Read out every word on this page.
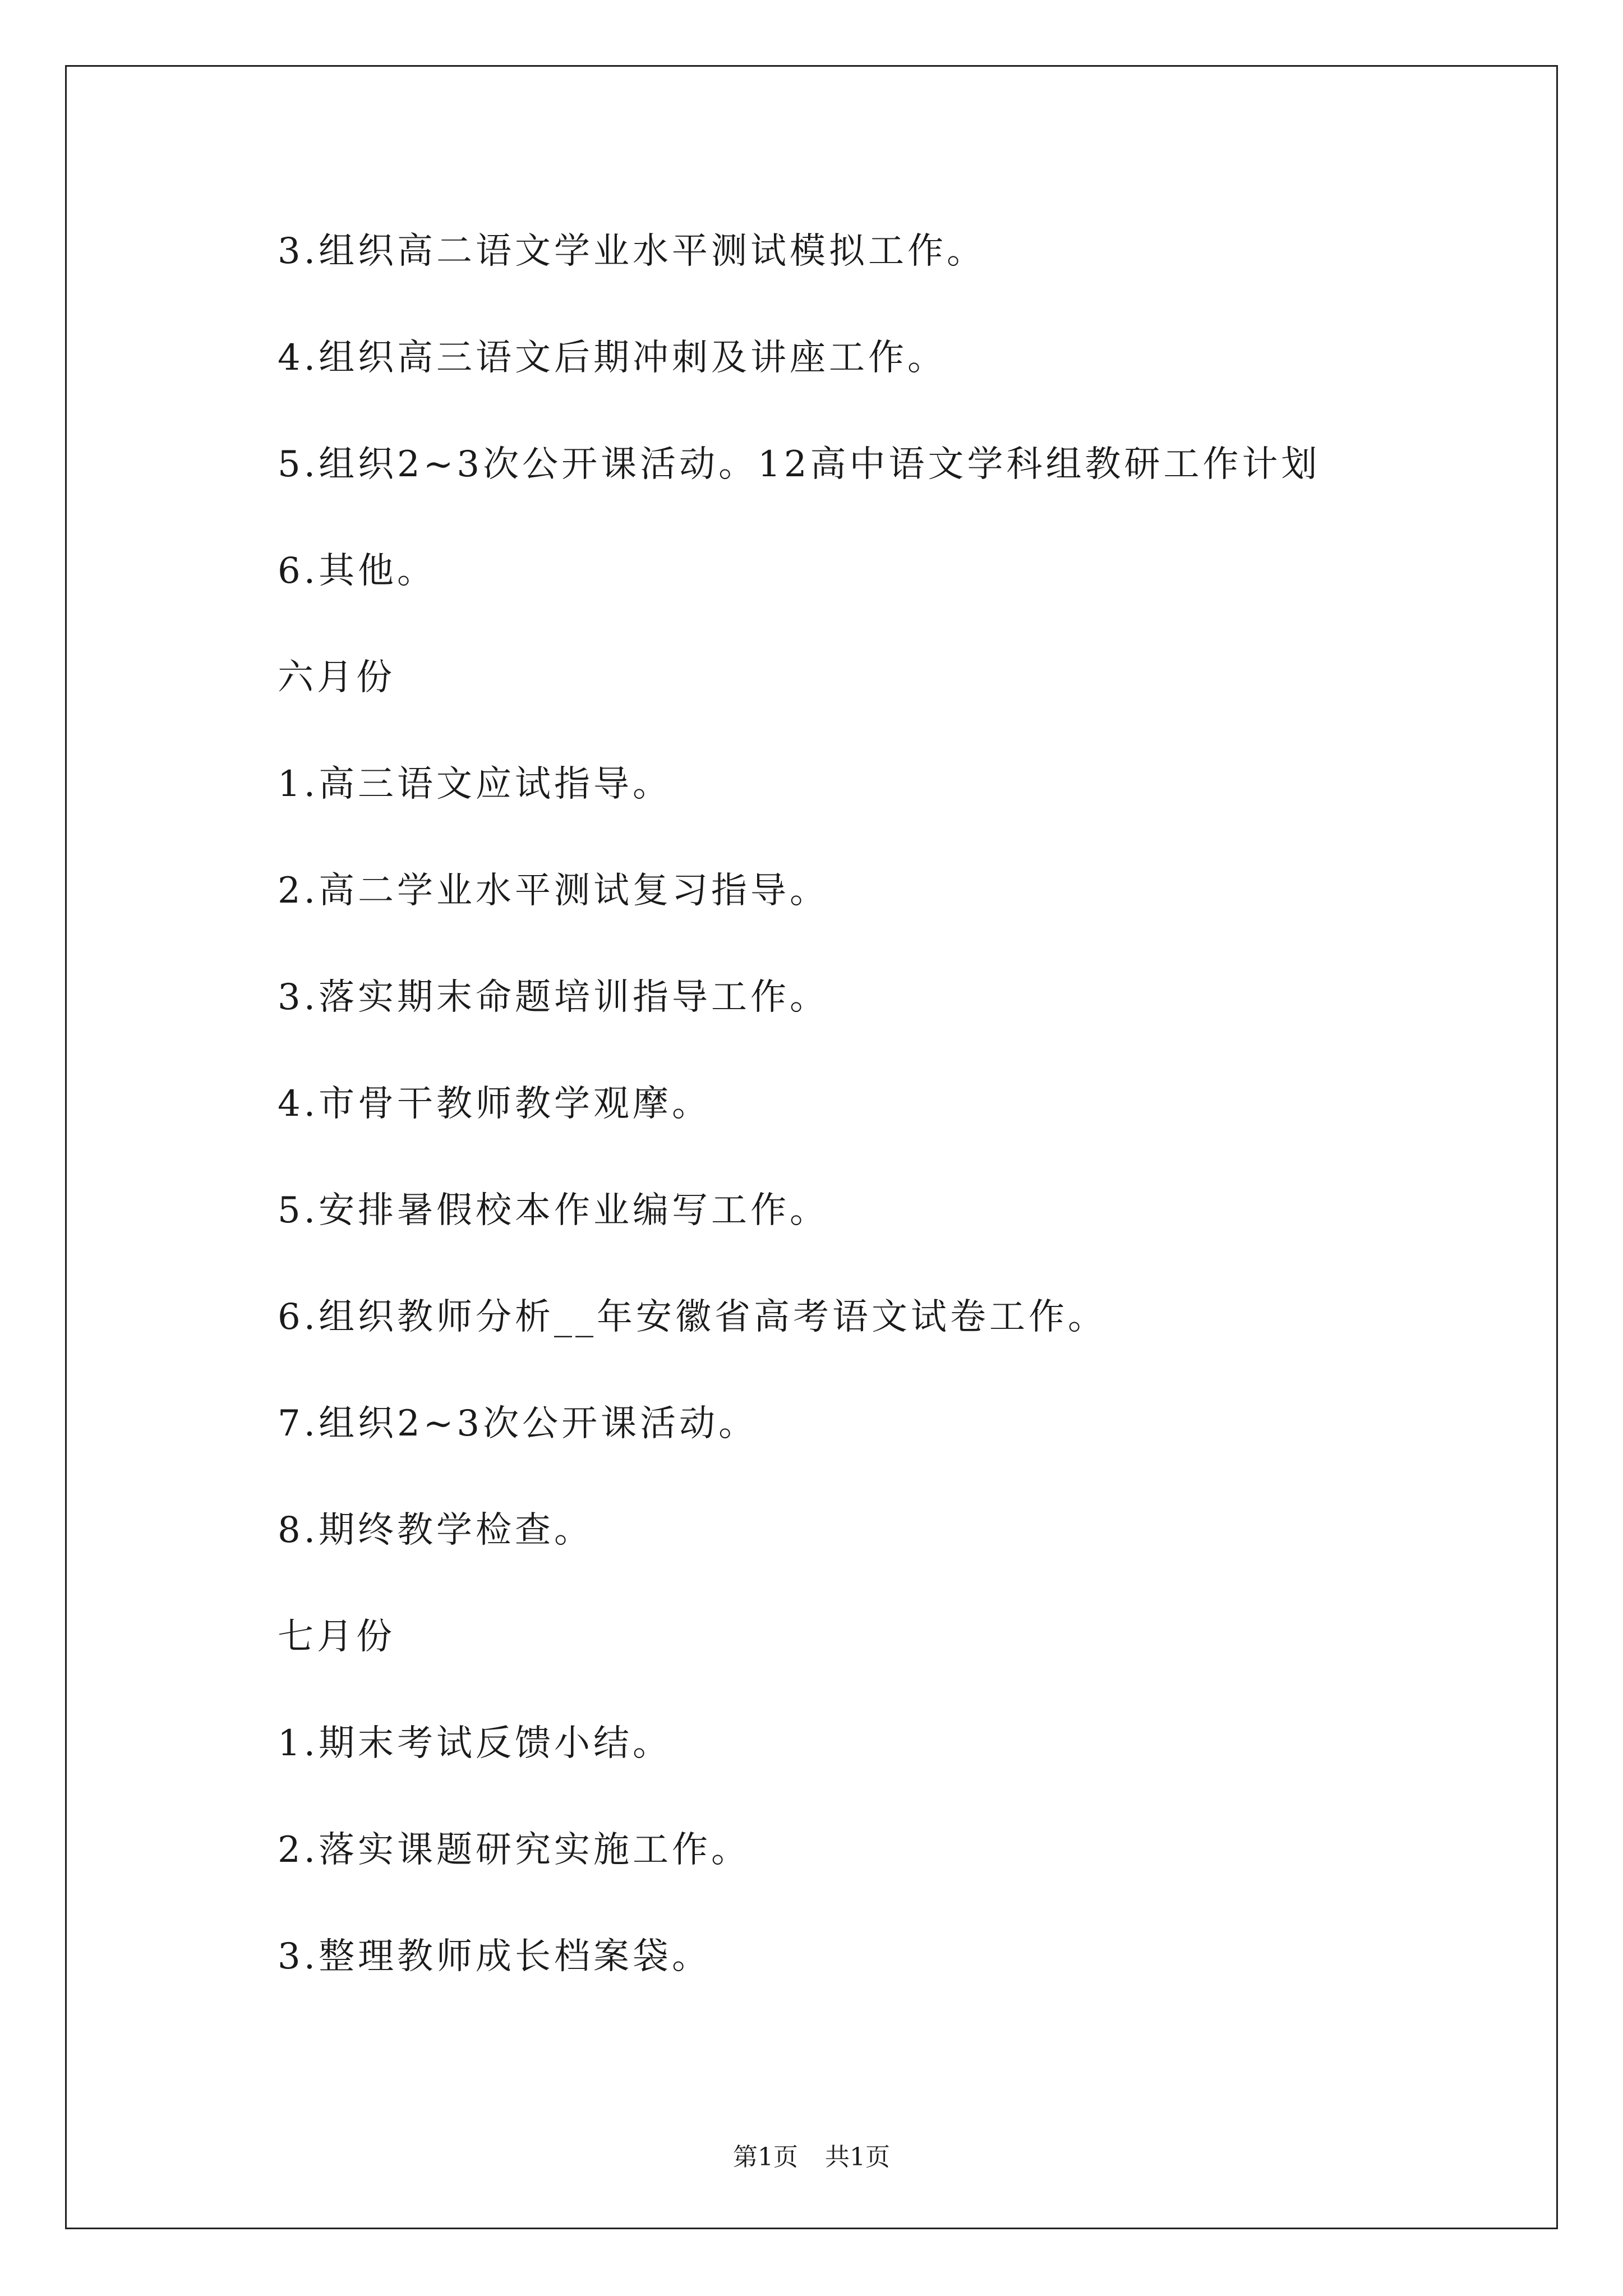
3.组织高二语文学业水平测试模拟工作。
4.组织高三语文后期冲刺及讲座工作。
5.组织2~3次公开课活动。12高中语文学科组教研工作计划
6.其他。
六月份
1.高三语文应试指导。
2.高二学业水平测试复习指导。
3.落实期末命题培训指导工作。
4.市骨干教师教学观摩。
5.安排暑假校本作业编写工作。
6.组织教师分析__年安徽省高考语文试卷工作。
7.组织2~3次公开课活动。
8.期终教学检查。
七月份
1.期末考试反馈小结。
2.落实课题研究实施工作。
3.整理教师成长档案袋。
第1页 共1页
